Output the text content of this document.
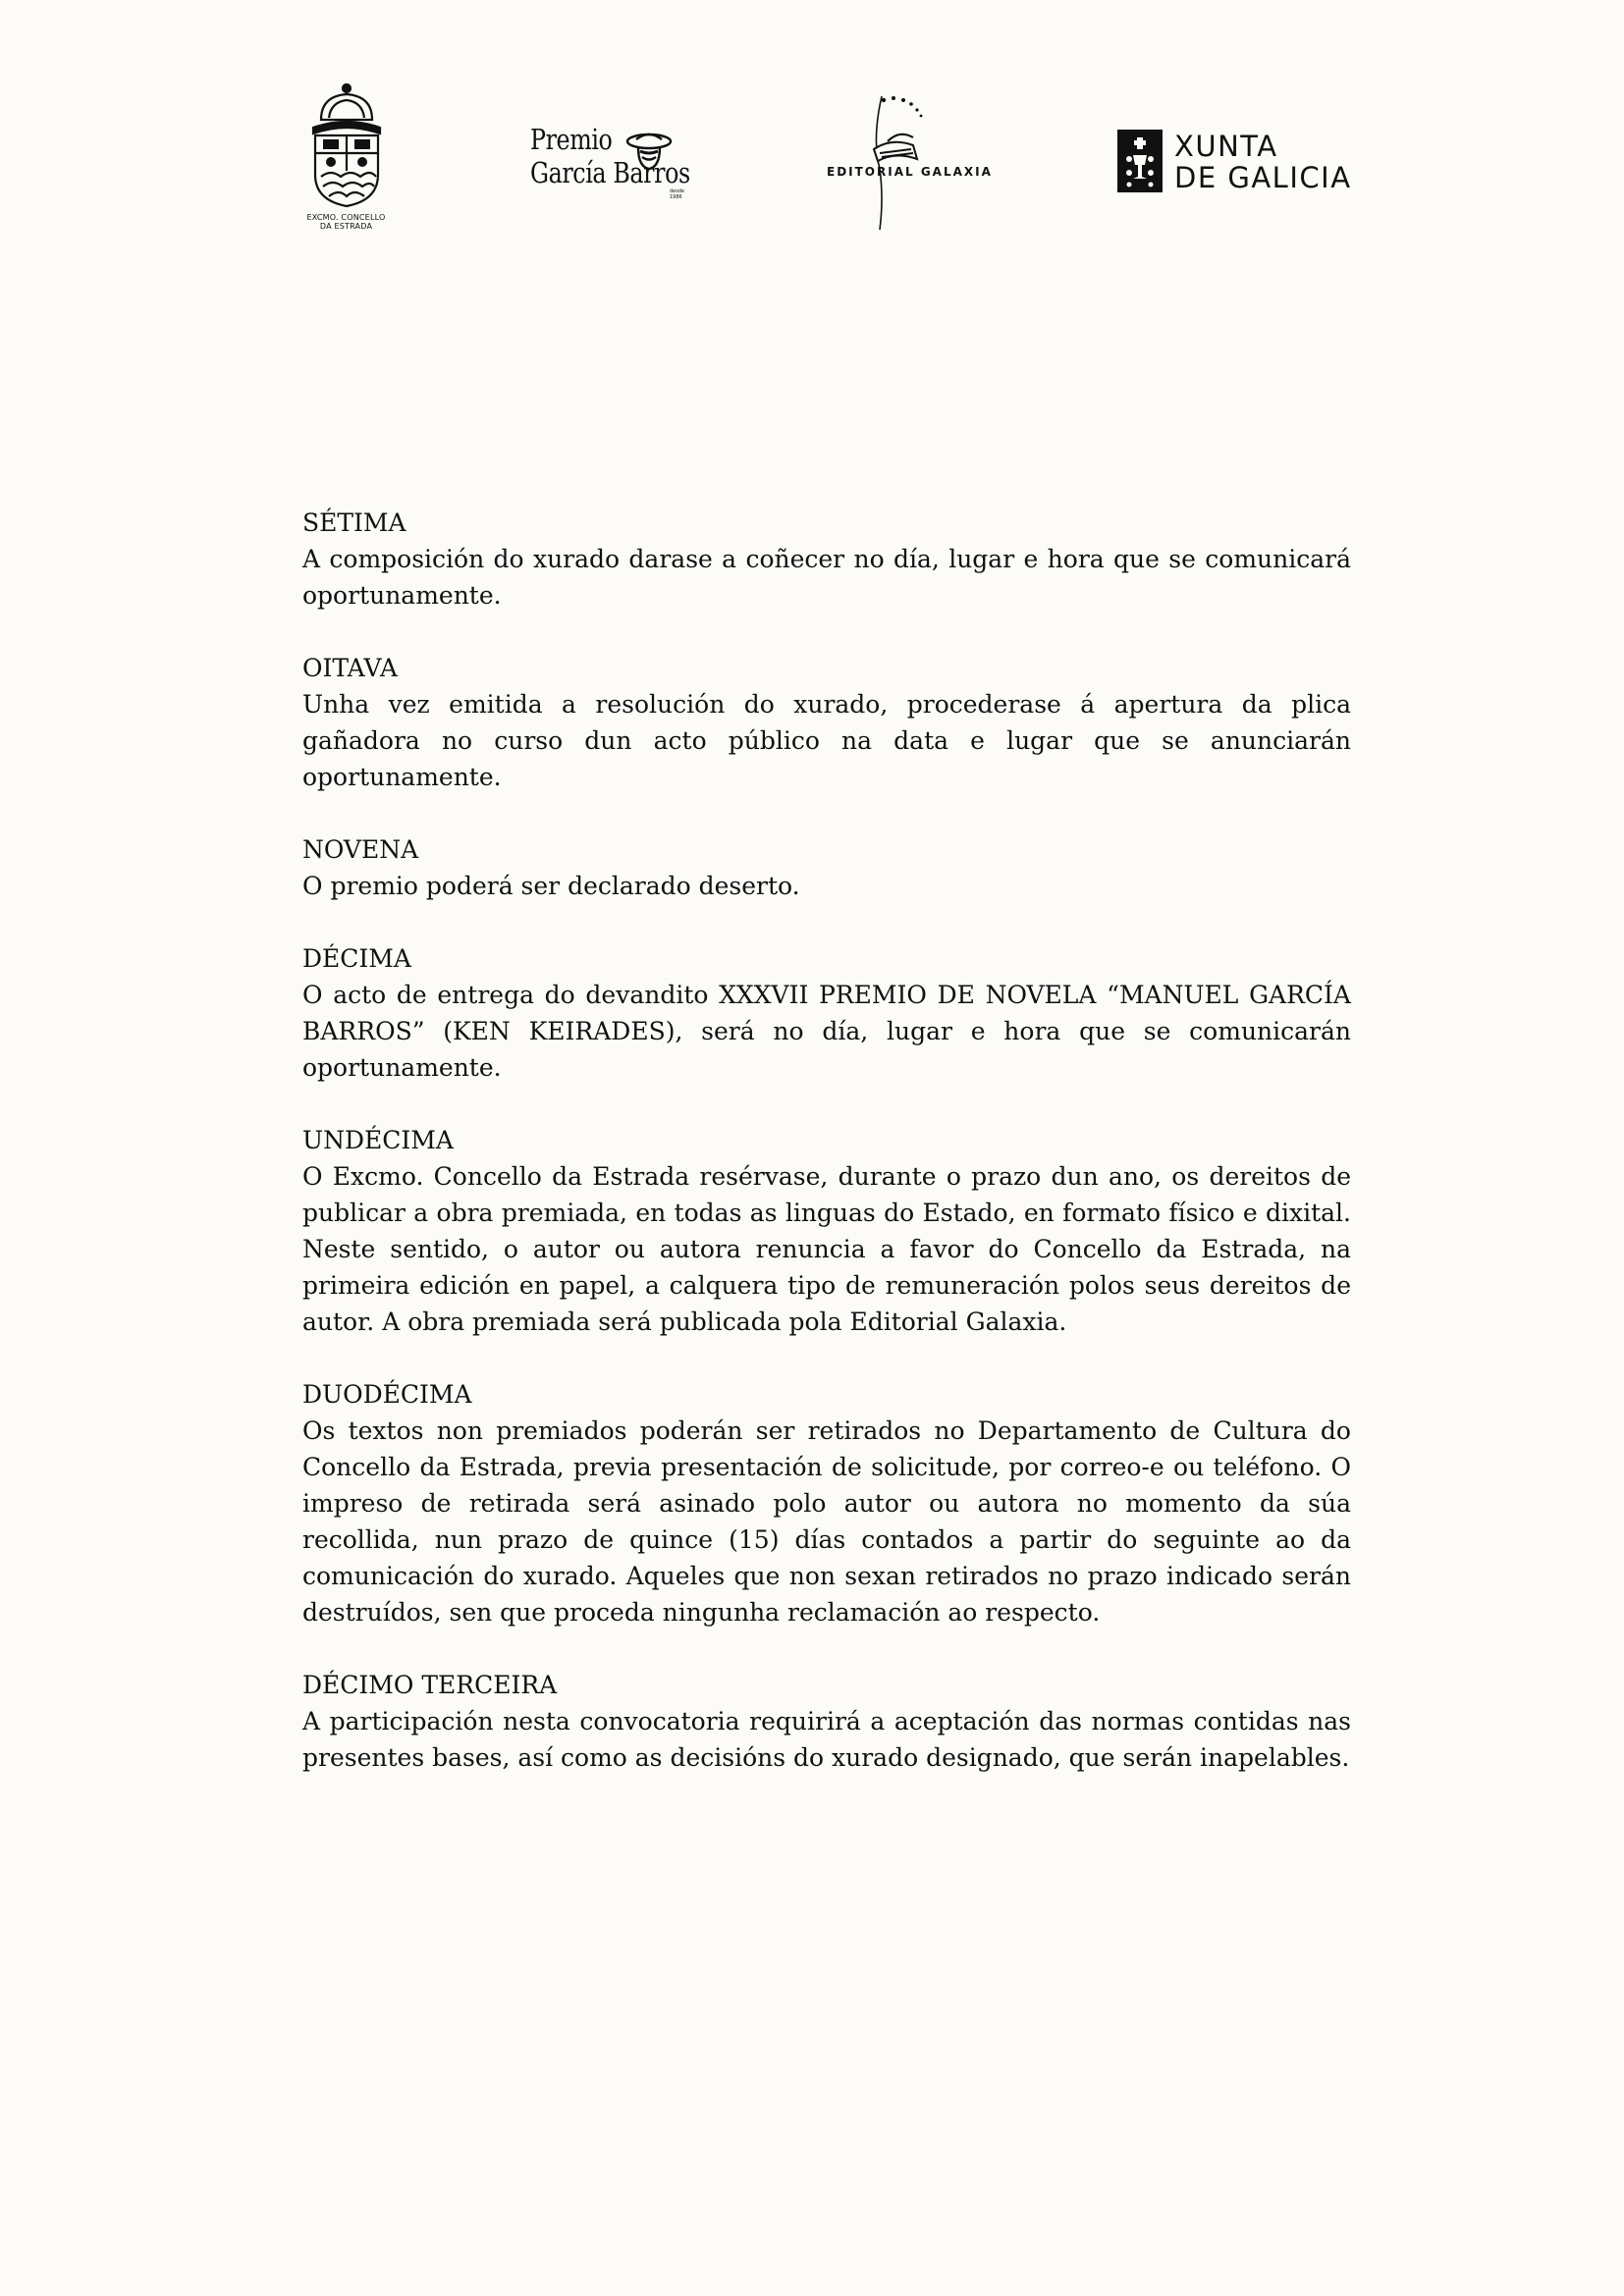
EXCMO. CONCELLO
DA ESTRADA
Premio
García Barros
desde 1986
EDITORIAL GALAXIA
XUNTA
DE GALICIA
SÉTIMA
A composición do xurado darase a coñecer no día, lugar e hora que se comunicará oportunamente.
OITAVA
Unha vez emitida a resolución do xurado, procederase á apertura da plica gañadora no curso dun acto público na data e lugar que se anunciarán oportunamente.
NOVENA
O premio poderá ser declarado deserto.
DÉCIMA
O acto de entrega do devandito XXXVII PREMIO DE NOVELA “MANUEL GARCÍA BARROS” (KEN KEIRADES), será no día, lugar e hora que se comunicarán oportunamente.
UNDÉCIMA
O Excmo. Concello da Estrada resérvase, durante o prazo dun ano, os dereitos de publicar a obra premiada, en todas as linguas do Estado, en formato físico e dixital. Neste sentido, o autor ou autora renuncia a favor do Concello da Estrada, na primeira edición en papel, a calquera tipo de remuneración polos seus dereitos de autor. A obra premiada será publicada pola Editorial Galaxia.
DUODÉCIMA
Os textos non premiados poderán ser retirados no Departamento de Cultura do Concello da Estrada, previa presentación de solicitude, por correo-e ou teléfono. O impreso de retirada será asinado polo autor ou autora no momento da súa recollida, nun prazo de quince (15) días contados a partir do seguinte ao da comunicación do xurado. Aqueles que non sexan retirados no prazo indicado serán destruídos, sen que proceda ningunha reclamación ao respecto.
DÉCIMO TERCEIRA
A participación nesta convocatoria requirirá a aceptación das normas contidas nas presentes bases, así como as decisións do xurado designado, que serán inapelables.
